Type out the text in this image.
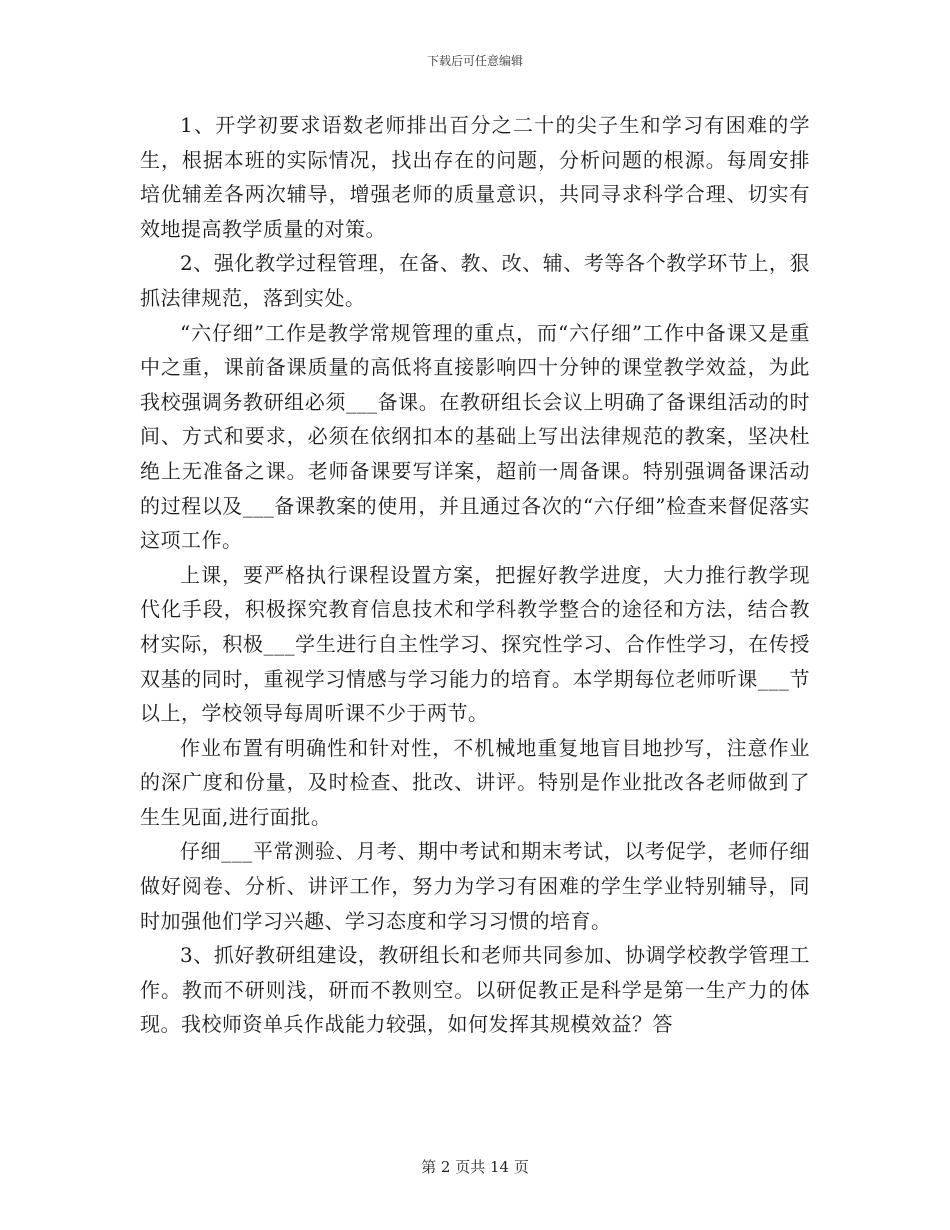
下载后可任意编辑

1、开学初要求语数老师排出百分之二十的尖子生和学习有困难的学生，根据本班的实际情况，找出存在的问题，分析问题的根源。每周安排培优辅差各两次辅导，增强老师的质量意识，共同寻求科学合理、切实有效地提高教学质量的对策。

2、强化教学过程管理，在备、教、改、辅、考等各个教学环节上，狠抓法律规范，落到实处。

“六仔细”工作是教学常规管理的重点，而“六仔细”工作中备课又是重中之重，课前备课质量的高低将直接影响四十分钟的课堂教学效益，为此我校强调务教研组必须___备课。在教研组长会议上明确了备课组活动的时间、方式和要求，必须在依纲扣本的基础上写出法律规范的教案，坚决杜绝上无准备之课。老师备课要写详案，超前一周备课。特别强调备课活动的过程以及___备课教案的使用，并且通过各次的“六仔细”检查来督促落实这项工作。

上课，要严格执行课程设置方案，把握好教学进度，大力推行教学现代化手段，积极探究教育信息技术和学科教学整合的途径和方法，结合教材实际，积极___学生进行自主性学习、探究性学习、合作性学习，在传授双基的同时，重视学习情感与学习能力的培育。本学期每位老师听课___节以上，学校领导每周听课不少于两节。

作业布置有明确性和针对性，不机械地重复地盲目地抄写，注意作业的深广度和份量，及时检查、批改、讲评。特别是作业批改各老师做到了生生见面,进行面批。

仔细___平常测验、月考、期中考试和期末考试，以考促学，老师仔细做好阅卷、分析、讲评工作，努力为学习有困难的学生学业特别辅导，同时加强他们学习兴趣、学习态度和学习习惯的培育。

3、抓好教研组建设，教研组长和老师共同参加、协调学校教学管理工作。教而不研则浅，研而不教则空。以研促教正是科学是第一生产力的体现。我校师资单兵作战能力较强，如何发挥其规模效益？答

第 2 页共 14 页
